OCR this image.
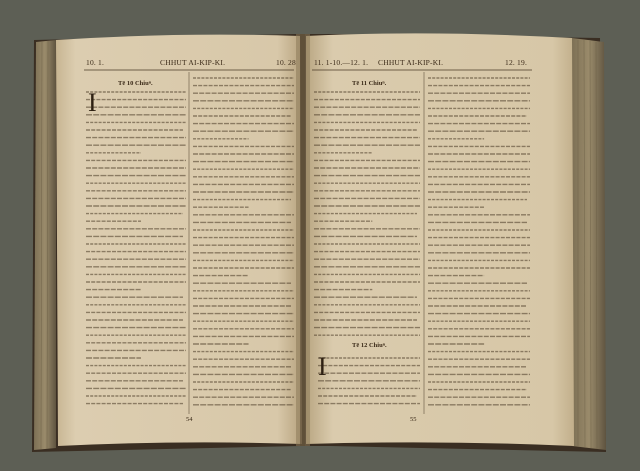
10. 1.	CHHUT AI-KIP-KI.	10. 28 11. 1-10.—12. 1. CHHUT AI-KIP-KI.	12. 19.
Tē 10 Chiuⁿ.
I
Tē 11 Chiuⁿ.
Tē 12 Chiuⁿ.
I
54	55
